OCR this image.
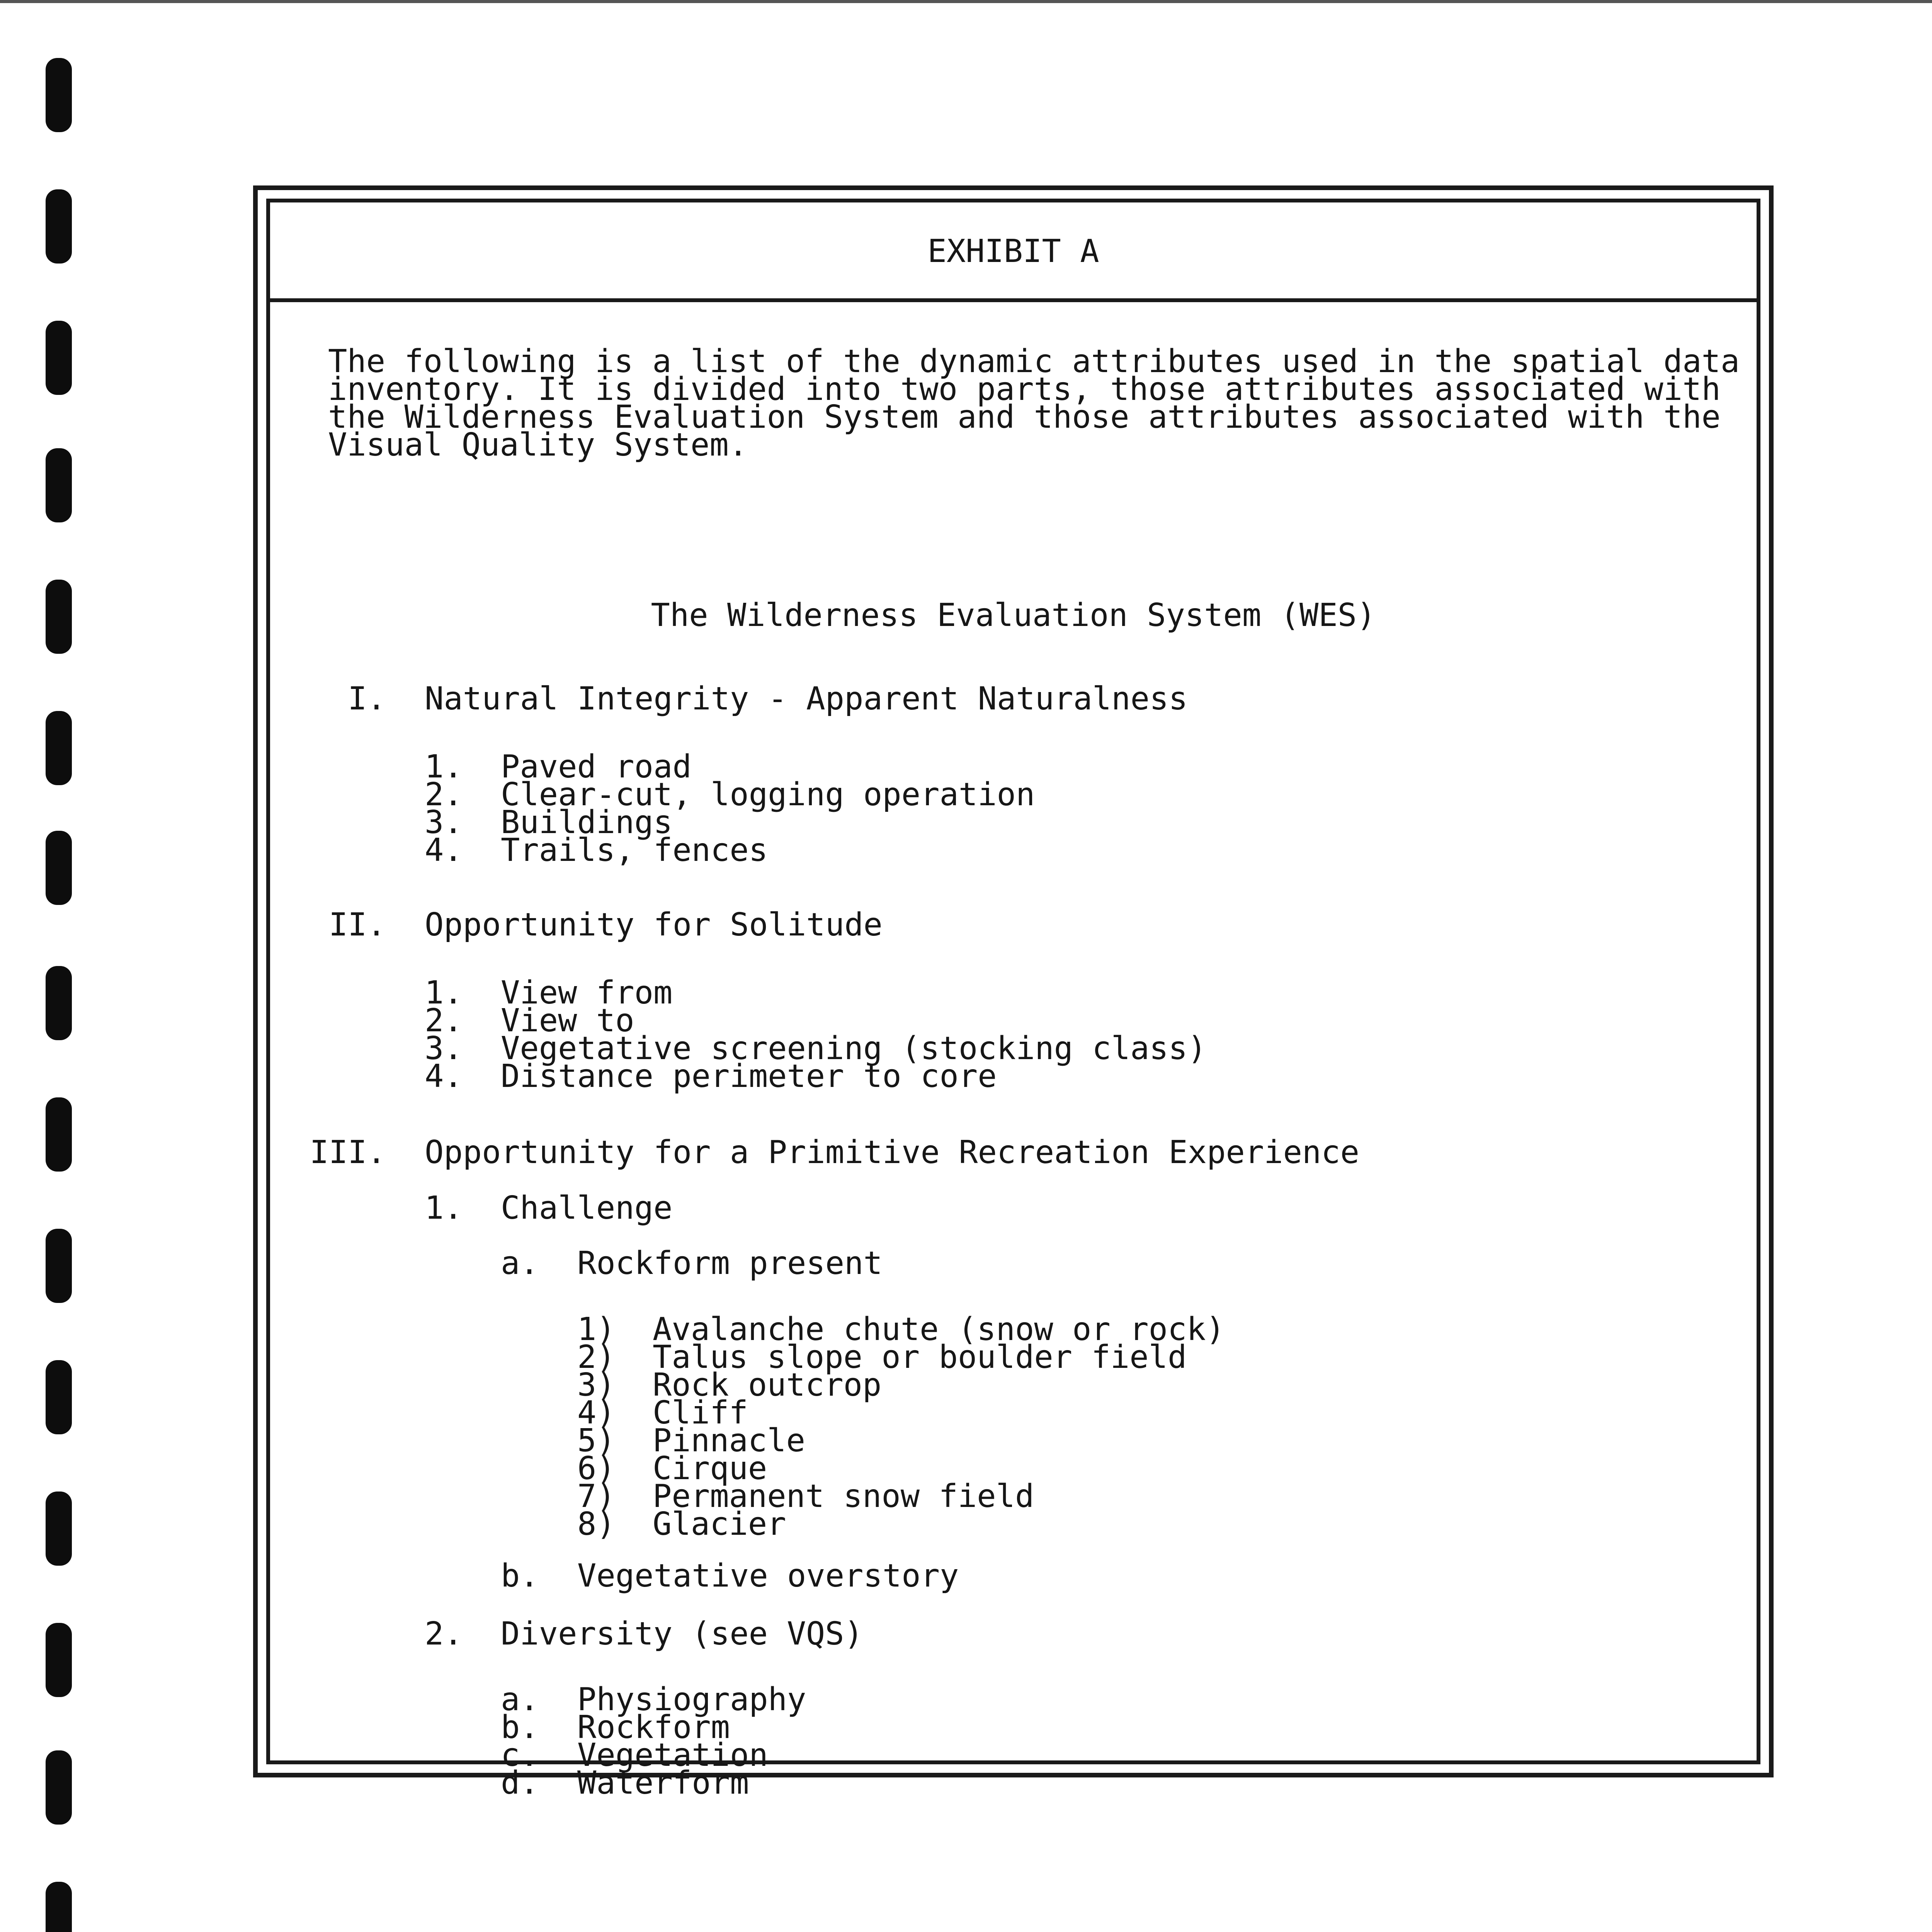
EXHIBIT A

The following is a list of the dynamic attributes used in the spatial data
inventory. It is divided into two parts, those attributes associated with
the Wilderness Evaluation System and those attributes associated with the
Visual Quality System.

The Wilderness Evaluation System (WES)

I. Natural Integrity - Apparent Naturalness

1. Paved road

2. Clear-cut, logging operation

3. Buildings

4. Trails, fences

II. Opportunity for Solitude

1. View from

2. View to

3. Vegetative screening (stocking class)

4. Distance perimeter to core

III. Opportunity for a Primitive Recreation Experience

1. Challenge

a. Rockform present

1) Avalanche chute (snow or rock)

2) Talus slope or boulder field

3) Rock outcrop

4) Cliff

5) Pinnacle

6) Cirque

7) Permanent snow field

8) Glacier

b. Vegetative overstory

2. Diversity (see VQS)

a. Physiography

b. Rockform

c. Vegetation

d. Waterform
